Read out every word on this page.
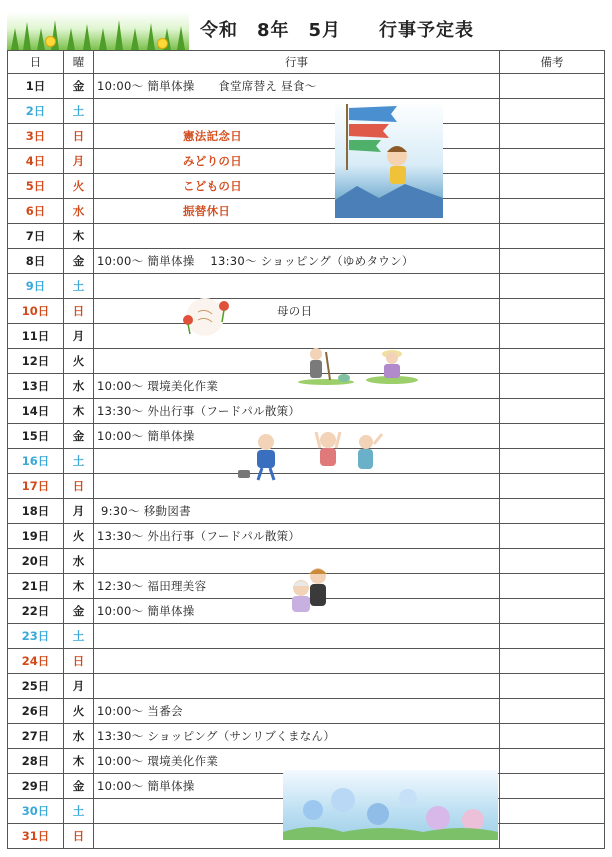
令和　8年　5月　　行事予定表
日	曜	行事	備考
1日	金	10:00～ 簡単体操　　食堂席替え 昼食～	
2日	土		
3日	日	憲法記念日	
4日	月	みどりの日	
5日	火	こどもの日	
6日	水	振替休日	
7日	木		
8日	金	10:00～ 簡単体操　 13:30～ ショッピング（ゆめタウン）	
9日	土		
10日	日	母の日	
11日	月		
12日	火		
13日	水	10:00～ 環境美化作業	
14日	木	13:30～ 外出行事（フードパル散策）	
15日	金	10:00～ 簡単体操	
16日	土		
17日	日		
18日	月	9:30～ 移動図書	
19日	火	13:30～ 外出行事（フードパル散策）	
20日	水		
21日	木	12:30～ 福田理美容	
22日	金	10:00～ 簡単体操	
23日	土		
24日	日		
25日	月		
26日	火	10:00～ 当番会	
27日	水	13:30～ ショッピング（サンリブくまなん）	
28日	木	10:00～ 環境美化作業	
29日	金	10:00～ 簡単体操	
30日	土		
31日	日		
